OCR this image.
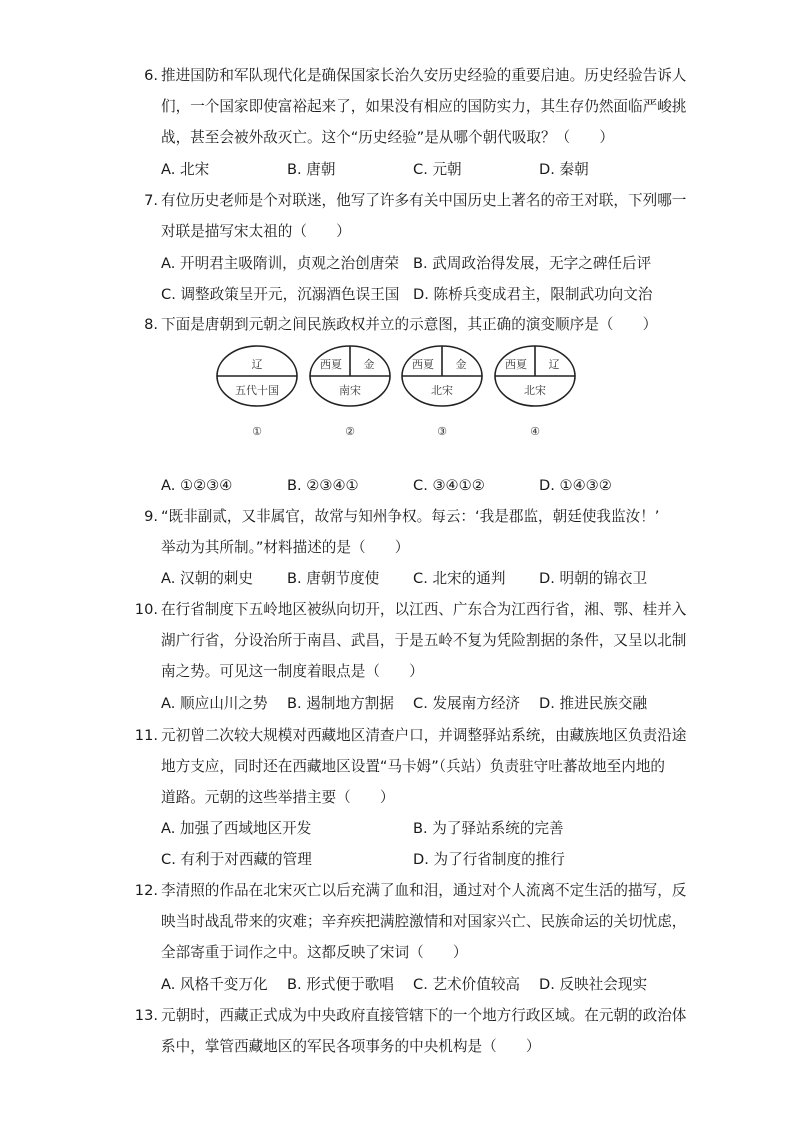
6. 推进国防和军队现代化是确保国家长治久安历史经验的重要启迪。历史经验告诉人
们，一个国家即使富裕起来了，如果没有相应的国防实力，其生存仍然面临严峻挑
战，甚至会被外敌灭亡。这个“历史经验”是从哪个朝代吸取？（　　）
A. 北宋	B. 唐朝	C. 元朝	D. 秦朝
7. 有位历史老师是个对联迷，他写了许多有关中国历史上著名的帝王对联，下列哪一
对联是描写宋太祖的（　　）
A. 开明君主吸隋训，贞观之治创唐荣 B. 武周政治得发展，无字之碑任后评
C. 调整政策呈开元，沉溺酒色误王国 D. 陈桥兵变成君主，限制武功向文治
8. 下面是唐朝到元朝之间民族政权并立的示意图，其正确的演变顺序是（　　）
辽
五代十国
①
西夏 金
南宋
②
西夏 金
北宋
③
西夏 辽
北宋
④
A. ①②③④	B. ②③④①	C. ③④①②	D. ①④③②
9. “既非副贰，又非属官，故常与知州争权。每云：‘我是郡监，朝廷使我监汝！’
举动为其所制。”材料描述的是（　　）
A. 汉朝的刺史 B. 唐朝节度使 C. 北宋的通判 D. 明朝的锦衣卫
10. 在行省制度下五岭地区被纵向切开，以江西、广东合为江西行省，湘、鄂、桂并入
湖广行省，分设治所于南昌、武昌，于是五岭不复为凭险割据的条件，又呈以北制
南之势。可见这一制度着眼点是（　　）
A. 顺应山川之势 B. 遏制地方割据 C. 发展南方经济 D. 推进民族交融
11. 元初曾二次较大规模对西藏地区清查户口，并调整驿站系统，由藏族地区负责沿途
地方支应，同时还在西藏地区设置“马卡姆”（兵站）负责驻守吐蕃故地至内地的
道路。元朝的这些举措主要（　　）
A. 加强了西域地区开发	B. 为了驿站系统的完善
C. 有利于对西藏的管理	D. 为了行省制度的推行
12. 李清照的作品在北宋灭亡以后充满了血和泪，通过对个人流离不定生活的描写，反
映当时战乱带来的灾难；辛弃疾把满腔激情和对国家兴亡、民族命运的关切忧虑，
全部寄重于词作之中。这都反映了宋词（　　）
A. 风格千变万化 B. 形式便于歌唱 C. 艺术价值较高 D. 反映社会现实
13. 元朝时，西藏正式成为中央政府直接管辖下的一个地方行政区域。在元朝的政治体
系中，掌管西藏地区的军民各项事务的中央机构是（　　）
